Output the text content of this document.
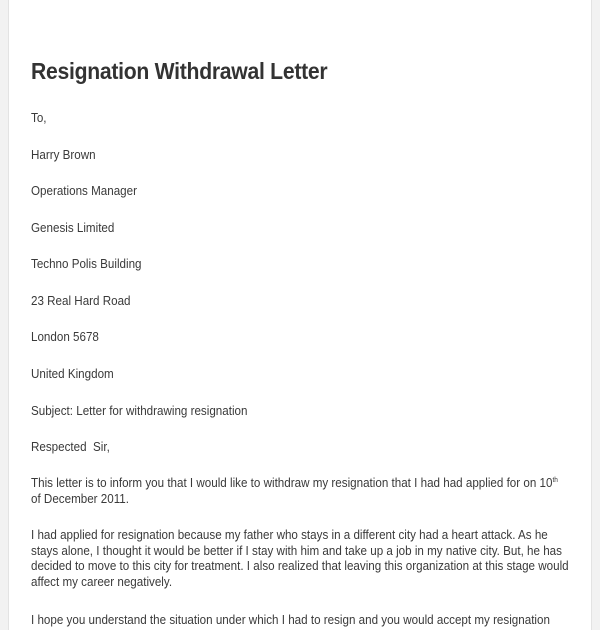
Resignation Withdrawal Letter

To,

Harry Brown

Operations Manager

Genesis Limited

Techno Polis Building

23 Real Hard Road

London 5678

United Kingdom

Subject: Letter for withdrawing resignation

Respected  Sir,

This letter is to inform you that I would like to withdraw my resignation that I had had applied for on 10th of December 2011.

I had applied for resignation because my father who stays in a different city had a heart attack. As he stays alone, I thought it would be better if I stay with him and take up a job in my native city. But, he has decided to move to this city for treatment. I also realized that leaving this organization at this stage would affect my career negatively.

I hope you understand the situation under which I had to resign and you would accept my resignation
